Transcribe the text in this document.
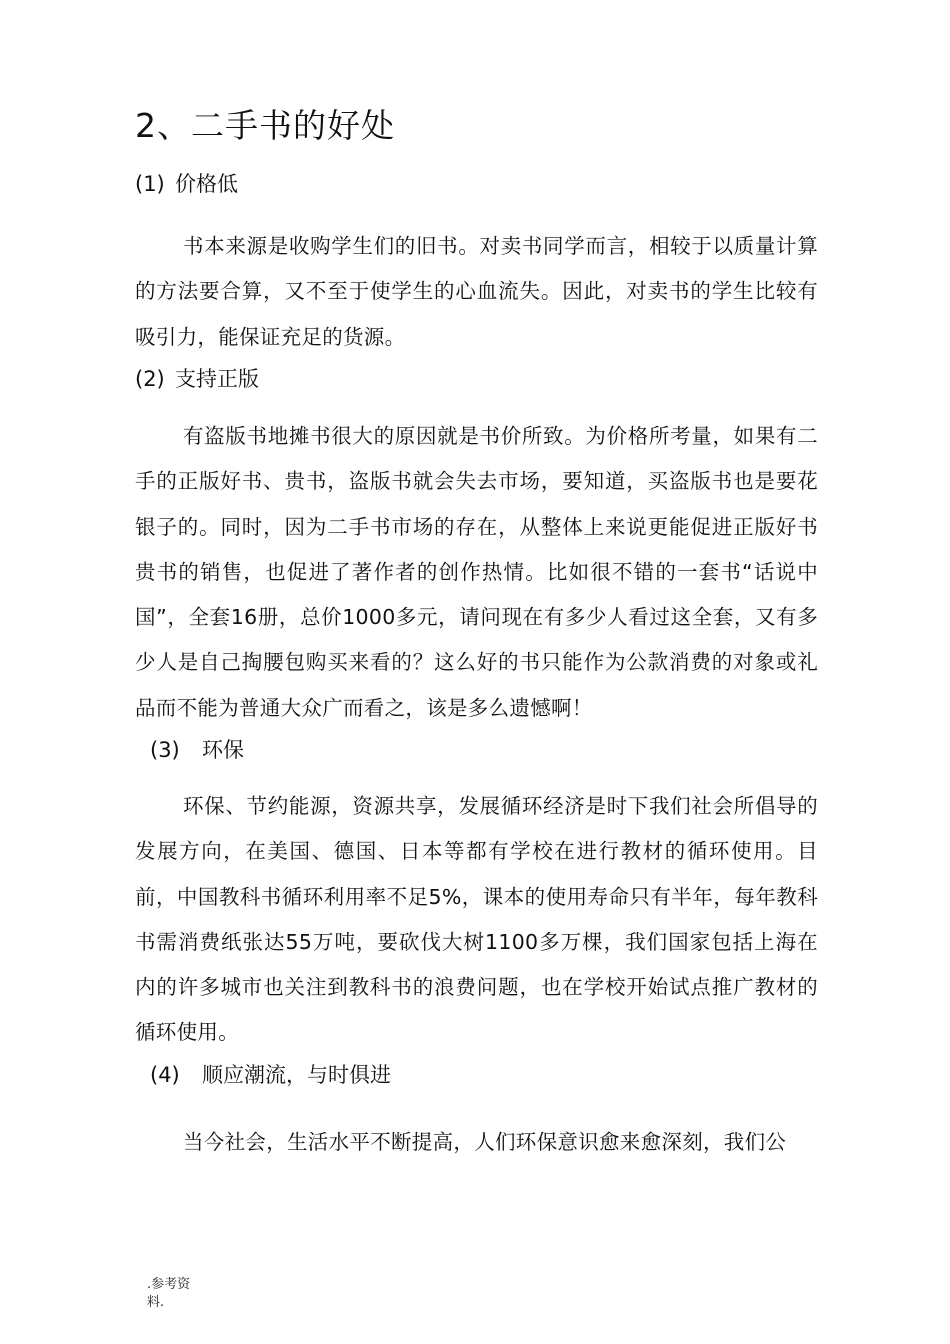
2、二手书的好处
(1) 价格低
书本来源是收购学生们的旧书。对卖书同学而言，相较于以质量计算的方法要合算，又不至于使学生的心血流失。因此，对卖书的学生比较有吸引力，能保证充足的货源。
(2) 支持正版
有盗版书地摊书很大的原因就是书价所致。为价格所考量，如果有二手的正版好书、贵书，盗版书就会失去市场，要知道，买盗版书也是要花银子的。同时，因为二手书市场的存在，从整体上来说更能促进正版好书贵书的销售，也促进了著作者的创作热情。比如很不错的一套书“话说中国”，全套16册，总价1000多元，请问现在有多少人看过这全套，又有多少人是自己掏腰包购买来看的？这么好的书只能作为公款消费的对象或礼品而不能为普通大众广而看之，该是多么遗憾啊！
(3) 环保
环保、节约能源，资源共享，发展循环经济是时下我们社会所倡导的发展方向，在美国、德国、日本等都有学校在进行教材的循环使用。目前，中国教科书循环利用率不足5%，课本的使用寿命只有半年，每年教科书需消费纸张达55万吨，要砍伐大树1100多万棵，我们国家包括上海在内的许多城市也关注到教科书的浪费问题，也在学校开始试点推广教材的循环使用。
(4) 顺应潮流，与时俱进
当今社会，生活水平不断提高，人们环保意识愈来愈深刻，我们公
.参考资料.
